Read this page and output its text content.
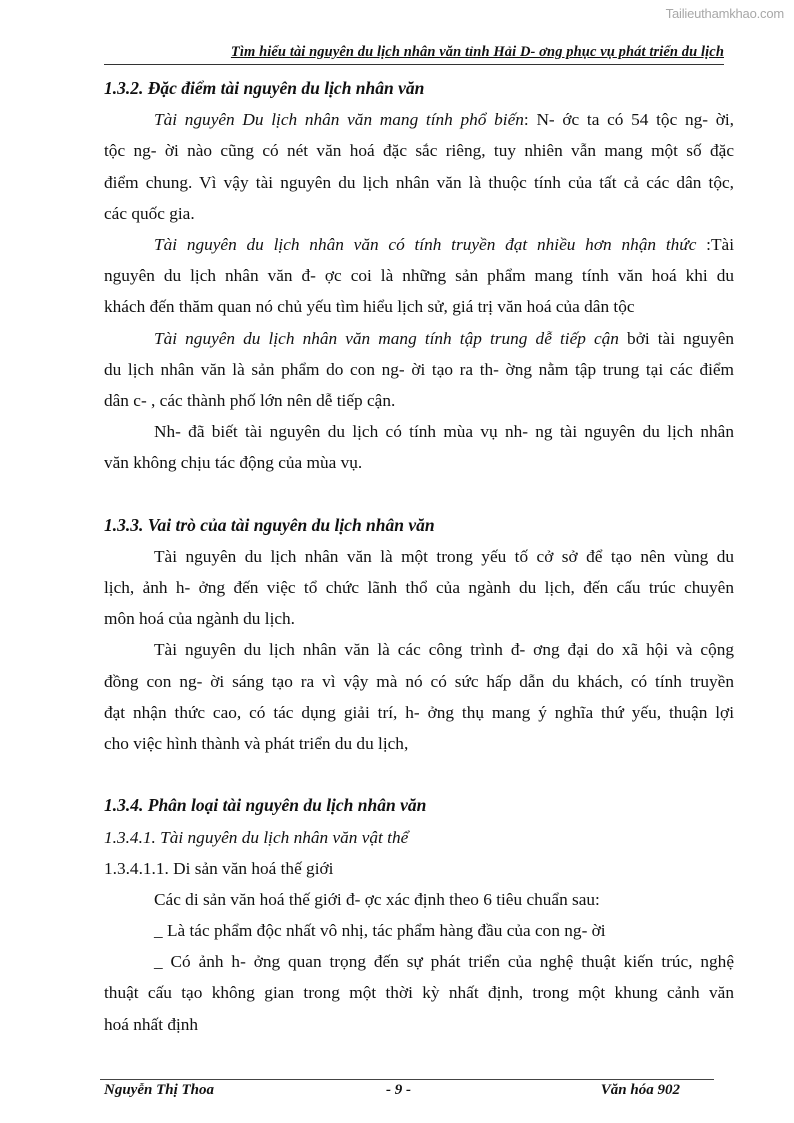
Tailieuthamkhao.com
Tìm hiểu tài nguyên du lịch nhân văn tỉnh Hải D- ơng phục vụ phát triển du lịch
1.3.2. Đặc điểm tài nguyên du lịch nhân văn
Tài nguyên Du lịch nhân văn mang tính phổ biến: N- ớc ta có 54 tộc ng- ời,
tộc ng- ời nào cũng có nét văn hoá đặc sắc riêng, tuy nhiên vẫn mang một số đặc
điểm chung. Vì vậy tài nguyên du lịch nhân văn là thuộc tính của tất cả các dân tộc,
các quốc gia.
Tài nguyên du lịch nhân văn có tính truyền đạt nhiều hơn nhận thức :Tài
nguyên du lịch nhân văn đ- ợc coi là những sản phẩm mang tính văn hoá khi du
khách đến thăm quan nó chủ yếu tìm hiểu lịch sử, giá trị văn hoá của dân tộc
Tài nguyên du lịch nhân văn mang tính tập trung dễ tiếp cận bởi tài nguyên
du lịch nhân văn là sản phẩm do con ng- ời tạo ra th- ờng nằm tập trung tại các điểm
dân c- , các thành phố lớn nên dễ tiếp cận.
Nh- đã biết tài nguyên du lịch có tính mùa vụ nh- ng tài nguyên du lịch nhân
văn không chịu tác động của mùa vụ.
1.3.3. Vai trò của tài nguyên du lịch nhân văn
Tài nguyên du lịch nhân văn là một trong yếu tố cở sở để tạo nên vùng du
lịch, ảnh h- ởng đến việc tổ chức lãnh thổ của ngành du lịch, đến cấu trúc chuyên
môn hoá của ngành du lịch.
Tài nguyên du lịch nhân văn là các công trình đ- ơng đại do xã hội và cộng
đồng con ng- ời sáng tạo ra vì vậy mà nó có sức hấp dẫn du khách, có tính truyền
đạt nhận thức cao, có tác dụng giải trí, h- ởng thụ mang ý nghĩa thứ yếu, thuận lợi
cho việc hình thành và phát triển du du lịch,
1.3.4. Phân loại tài nguyên du lịch nhân văn
1.3.4.1. Tài nguyên du lịch nhân văn vật thể
1.3.4.1.1. Di sản văn hoá thế giới
Các di sản văn hoá thế giới đ- ợc xác định theo 6 tiêu chuẩn sau:
_ Là tác phẩm độc nhất vô nhị, tác phẩm hàng đầu của con ng- ời
_ Có ảnh h- ởng quan trọng đến sự phát triển của nghệ thuật kiến trúc, nghệ
thuật cấu tạo không gian trong một thời kỳ nhất định, trong một khung cảnh văn
hoá nhất định
Nguyễn Thị Thoa	- 9 -	Văn hóa 902
